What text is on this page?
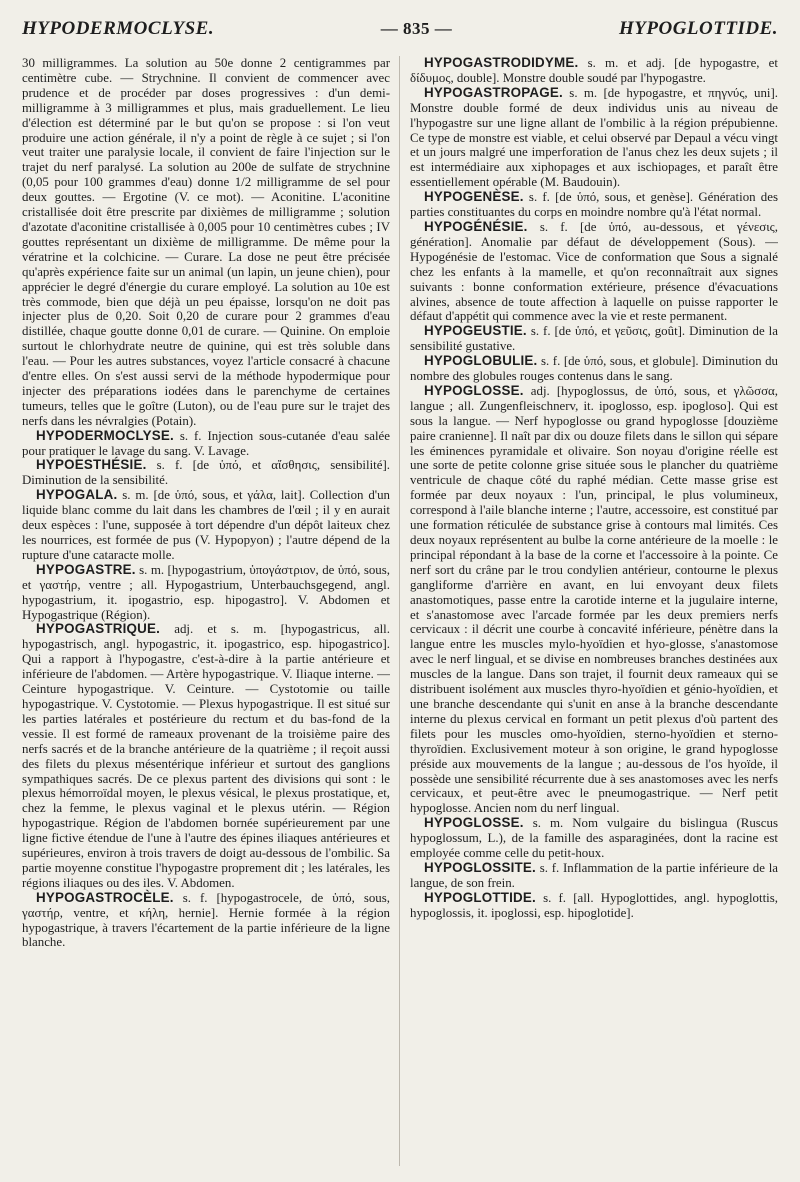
HYPODERMOCLYSE.	— 835 —	HYPOGLOTTIDE.

30 milligrammes. La solution au 50e donne 2 centigrammes par centimètre cube. — Strychnine. Il convient de commencer avec prudence et de procéder par doses progressives : d'un demi-milligramme à 3 milligrammes et plus, mais graduellement. Le lieu d'élection est déterminé par le but qu'on se propose : si l'on veut produire une action générale, il n'y a point de règle à ce sujet ; si l'on veut traiter une paralysie locale, il convient de faire l'injection sur le trajet du nerf paralysé. La solution au 200e de sulfate de strychnine (0,05 pour 100 grammes d'eau) donne 1/2 milligramme de sel pour deux gouttes. — Ergotine (V. ce mot). — Aconitine. L'aconitine cristallisée doit être prescrite par dixièmes de milligramme ; solution d'azotate d'aconitine cristallisée à 0,005 pour 10 centimètres cubes ; IV gouttes représentant un dixième de milligramme. De même pour la vératrine et la colchicine. — Curare. La dose ne peut être précisée qu'après expérience faite sur un animal (un lapin, un jeune chien), pour apprécier le degré d'énergie du curare employé. La solution au 10e est très commode, bien que déjà un peu épaisse, lorsqu'on ne doit pas injecter plus de 0,20. Soit 0,20 de curare pour 2 grammes d'eau distillée, chaque goutte donne 0,01 de curare. — Quinine. On emploie surtout le chlorhydrate neutre de quinine, qui est très soluble dans l'eau. — Pour les autres substances, voyez l'article consacré à chacune d'entre elles. On s'est aussi servi de la méthode hypodermique pour injecter des préparations iodées dans le parenchyme de certaines tumeurs, telles que le goître (Luton), ou de l'eau pure sur le trajet des nerfs dans les névralgies (Potain).

HYPODERMOCLYSE. s. f. Injection sous-cutanée d'eau salée pour pratiquer le lavage du sang. V. Lavage.

HYPOESTHÉSIE. s. f. [de ὑπό, et αἴσθησις, sensibilité]. Diminution de la sensibilité.

HYPOGALA. s. m. [de ὑπό, sous, et γάλα, lait]. Collection d'un liquide blanc comme du lait dans les chambres de l'œil ; il y en aurait deux espèces : l'une, supposée à tort dépendre d'un dépôt laiteux chez les nourrices, est formée de pus (V. Hypopyon) ; l'autre dépend de la rupture d'une cataracte molle.

HYPOGASTRE. s. m. [hypogastrium, ὑπογάστριον, de ὑπό, sous, et γαστήρ, ventre ; all. Hypogastrium, Unterbauchsgegend, angl. hypogastrium, it. ipogastrio, esp. hipogastro]. V. Abdomen et Hypogastrique (Région).

HYPOGASTRIQUE. adj. et s. m. [hypogastricus, all. hypogastrisch, angl. hypogastric, it. ipogastrico, esp. hipogastrico]. Qui a rapport à l'hypogastre, c'est-à-dire à la partie antérieure et inférieure de l'abdomen. — Artère hypogastrique. V. Iliaque interne. — Ceinture hypogastrique. V. Ceinture. — Cystotomie ou taille hypogastrique. V. Cystotomie. — Plexus hypogastrique. Il est situé sur les parties latérales et postérieure du rectum et du bas-fond de la vessie. Il est formé de rameaux provenant de la troisième paire des nerfs sacrés et de la branche antérieure de la quatrième ; il reçoit aussi des filets du plexus mésentérique inférieur et surtout des ganglions sympathiques sacrés. De ce plexus partent des divisions qui sont : le plexus hémorroïdal moyen, le plexus vésical, le plexus prostatique, et, chez la femme, le plexus vaginal et le plexus utérin. — Région hypogastrique. Région de l'abdomen bornée supérieurement par une ligne fictive étendue de l'une à l'autre des épines iliaques antérieures et supérieures, environ à trois travers de doigt au-dessous de l'ombilic. Sa partie moyenne constitue l'hypogastre proprement dit ; les latérales, les régions iliaques ou des iles. V. Abdomen.

HYPOGASTROCÈLE. s. f. [hypogastrocele, de ὑπό, sous, γαστήρ, ventre, et κήλη, hernie]. Hernie formée à la région hypogastrique, à travers l'écartement de la partie inférieure de la ligne blanche.

HYPOGASTRODIDYME. s. m. et adj. [de hypogastre, et δίδυμος, double]. Monstre double soudé par l'hypogastre.

HYPOGASTROPAGE. s. m. [de hypogastre, et πηγνύς, uni]. Monstre double formé de deux individus unis au niveau de l'hypogastre sur une ligne allant de l'ombilic à la région prépubienne. Ce type de monstre est viable, et celui observé par Depaul a vécu vingt et un jours malgré une imperforation de l'anus chez les deux sujets ; il est intermédiaire aux xiphopages et aux ischiopages, et paraît être essentiellement opérable (M. Baudouin).

HYPOGENÈSE. s. f. [de ὑπό, sous, et genèse]. Génération des parties constituantes du corps en moindre nombre qu'à l'état normal.

HYPOGÉNÉSIE. s. f. [de ὑπό, au-dessous, et γένεσις, génération]. Anomalie par défaut de développement (Sous). — Hypogénésie de l'estomac. Vice de conformation que Sous a signalé chez les enfants à la mamelle, et qu'on reconnaîtrait aux signes suivants : bonne conformation extérieure, présence d'évacuations alvines, absence de toute affection à laquelle on puisse rapporter le défaut d'appétit qui commence avec la vie et reste permanent.

HYPOGEUSTIE. s. f. [de ὑπό, et γεῦσις, goût]. Diminution de la sensibilité gustative.

HYPOGLOBULIE. s. f. [de ὑπό, sous, et globule]. Diminution du nombre des globules rouges contenus dans le sang.

HYPOGLOSSE. adj. [hypoglossus, de ὑπό, sous, et γλῶσσα, langue ; all. Zungenfleischnerv, it. ipoglosso, esp. ipogloso]. Qui est sous la langue. — Nerf hypoglosse ou grand hypoglosse [douzième paire cranienne]. Il naît par dix ou douze filets dans le sillon qui sépare les éminences pyramidale et olivaire. Son noyau d'origine réelle est une sorte de petite colonne grise située sous le plancher du quatrième ventricule de chaque côté du raphé médian. Cette masse grise est formée par deux noyaux : l'un, principal, le plus volumineux, correspond à l'aile blanche interne ; l'autre, accessoire, est constitué par une formation réticulée de substance grise à contours mal limités. Ces deux noyaux représentent au bulbe la corne antérieure de la moelle : le principal répondant à la base de la corne et l'accessoire à la pointe. Ce nerf sort du crâne par le trou condylien antérieur, contourne le plexus gangliforme d'arrière en avant, en lui envoyant deux filets anastomotiques, passe entre la carotide interne et la jugulaire interne, et s'anastomose avec l'arcade formée par les deux premiers nerfs cervicaux : il décrit une courbe à concavité inférieure, pénètre dans la langue entre les muscles mylo-hyoïdien et hyo-glosse, s'anastomose avec le nerf lingual, et se divise en nombreuses branches destinées aux muscles de la langue. Dans son trajet, il fournit deux rameaux qui se distribuent isolément aux muscles thyro-hyoïdien et génio-hyoïdien, et une branche descendante qui s'unit en anse à la branche descendante interne du plexus cervical en formant un petit plexus d'où partent des filets pour les muscles omo-hyoïdien, sterno-hyoïdien et sterno-thyroïdien. Exclusivement moteur à son origine, le grand hypoglosse préside aux mouvements de la langue ; au-dessous de l'os hyoïde, il possède une sensibilité récurrente due à ses anastomoses avec les nerfs cervicaux, et peut-être avec le pneumogastrique. — Nerf petit hypoglosse. Ancien nom du nerf lingual.

HYPOGLOSSE. s. m. Nom vulgaire du bislingua (Ruscus hypoglossum, L.), de la famille des asparaginées, dont la racine est employée comme celle du petit-houx.

HYPOGLOSSITE. s. f. Inflammation de la partie inférieure de la langue, de son frein.

HYPOGLOTTIDE. s. f. [all. Hypoglottides, angl. hypoglottis, hypoglossis, it. ipoglossi, esp. hipoglotide].
